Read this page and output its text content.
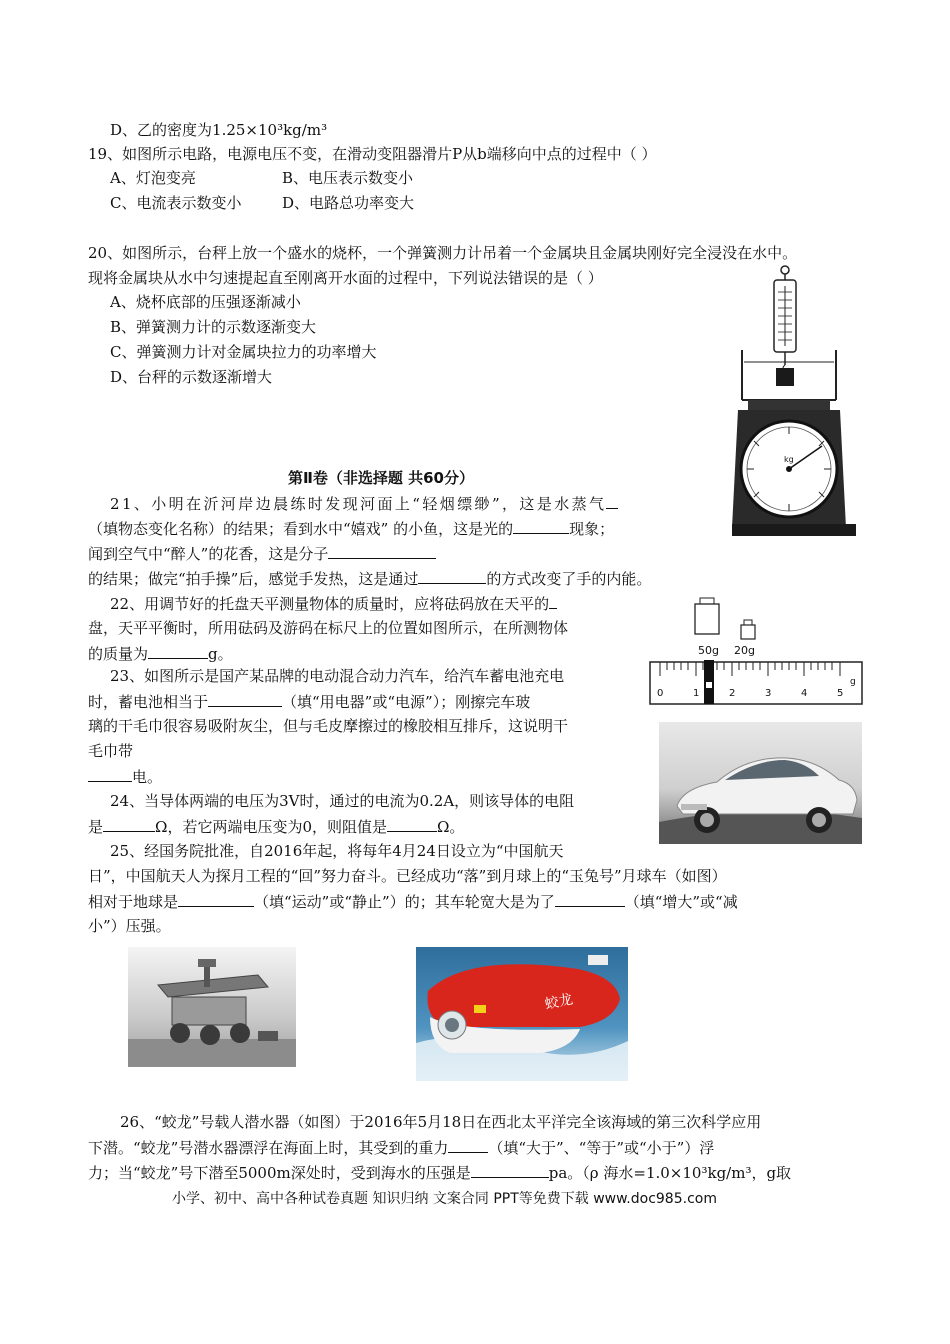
D、乙的密度为1.25×10³kg/m³
19、如图所示电路，电源电压不变，在滑动变阻器滑片P从b端移向中点的过程中（ ）
A、灯泡变亮	B、电压表示数变小
C、电流表示数变小	D、电路总功率变大
20、如图所示，台秤上放一个盛水的烧杯，一个弹簧测力计吊着一个金属块且金属块刚好完全浸没在水中。
现将金属块从水中匀速提起直至刚离开水面的过程中，下列说法错误的是（ ）
A、烧杯底部的压强逐渐减小
B、弹簧测力计的示数逐渐变大
C、弹簧测力计对金属块拉力的功率增大
D、台秤的示数逐渐增大
kg
第Ⅱ卷（非选择题 共60分）
21、小明在沂河岸边晨练时发现河面上“轻烟缥缈”，这是水蒸气
（填物态变化名称）的结果；看到水中“嬉戏” 的小鱼，这是光的	现象；
闻到空气中“醉人”的花香，这是分子
的结果；做完“拍手操”后，感觉手发热，这是通过	的方式改变了手的内能。
22、用调节好的托盘天平测量物体的质量时，应将砝码放在天平的
盘，天平平衡时，所用砝码及游码在标尺上的位置如图所示，在所测物体
的质量为	g。	50g 20g
0	1	2	3	4	5
g
23、如图所示是国产某品牌的电动混合动力汽车，给汽车蓄电池充电
时，蓄电池相当于	（填“用电器”或“电源”）；刚擦完车玻
璃的干毛巾很容易吸附灰尘，但与毛皮摩擦过的橡胶相互排斥，这说明干
毛巾带
电。
24、当导体两端的电压为3V时，通过的电流为0.2A，则该导体的电阻
是	Ω，若它两端电压变为0，则阻值是	Ω。
25、经国务院批准，自2016年起，将每年4月24日设立为“中国航天
日”，中国航天人为探月工程的“回”努力奋斗。已经成功“落”到月球上的“玉兔号”月球车（如图）
相对于地球是	（填“运动”或“静止”）的；其车轮宽大是为了	（填“增大”或“减
小”）压强。
蛟龙
26、“蛟龙”号载人潜水器（如图）于2016年5月18日在西北太平洋完全该海域的第三次科学应用
下潜。“蛟龙”号潜水器漂浮在海面上时，其受到的重力	（填“大于”、“等于”或“小于”）浮
力；当“蛟龙”号下潜至5000m深处时，受到海水的压强是	pa。（ρ 海水=1.0×10³kg/m³，g取
小学、初中、高中各种试卷真题 知识归纳 文案合同 PPT等免费下载 www.doc985.com
